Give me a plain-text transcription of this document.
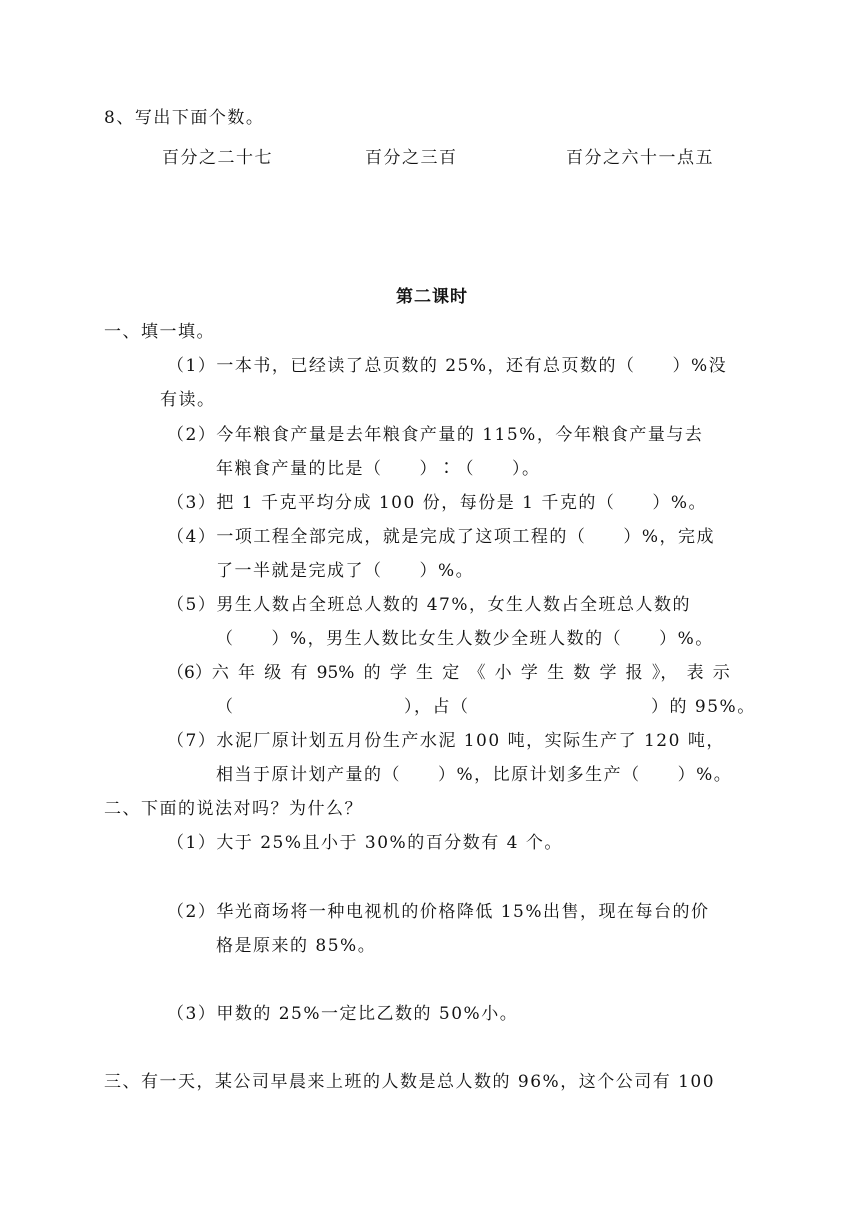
8、写出下面个数。
百分之二十七	百分之三百	百分之六十一点五
第二课时
一、填一填。
（1）一本书，已经读了总页数的 25%，还有总页数的（　　）%没
有读。
（2）今年粮食产量是去年粮食产量的 115%，今年粮食产量与去
年粮食产量的比是（　　）∶（　　）。
（3）把 1 千克平均分成 100 份，每份是 1 千克的（　　）%。
（4）一项工程全部完成，就是完成了这项工程的（　　）%，完成
了一半就是完成了（　　）%。
（5）男生人数占全班总人数的 47%，女生人数占全班总人数的
（　　）%，男生人数比女生人数少全班人数的（　　）%。
（6）六 年 级 有 95% 的 学 生 定 《 小 学 生 数 学 报 》， 表 示
（	），占（	）的 95%。
（7）水泥厂原计划五月份生产水泥 100 吨，实际生产了 120 吨，
相当于原计划产量的（　　）%，比原计划多生产（　　）%。
二、下面的说法对吗？为什么？
（1）大于 25%且小于 30%的百分数有 4 个。
（2）华光商场将一种电视机的价格降低 15%出售，现在每台的价
格是原来的 85%。
（3）甲数的 25%一定比乙数的 50%小。
三、有一天，某公司早晨来上班的人数是总人数的 96%，这个公司有 100
